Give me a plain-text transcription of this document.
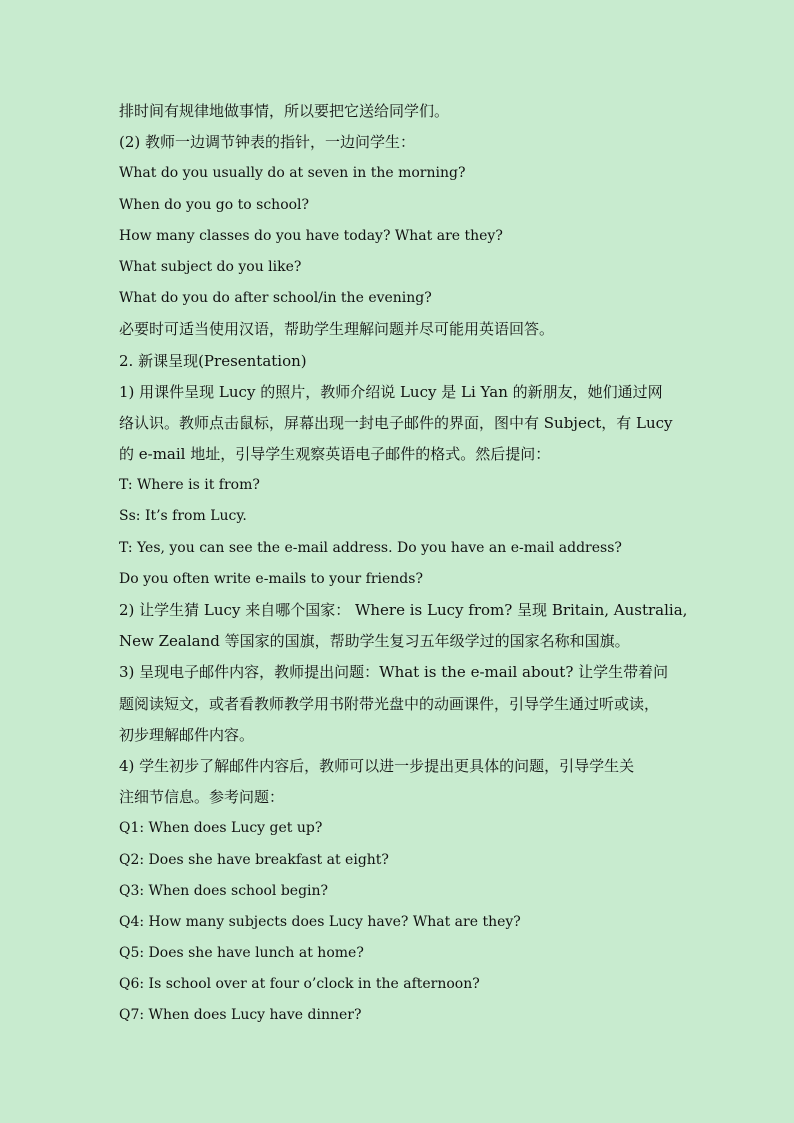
排时间有规律地做事情，所以要把它送给同学们。
(2) 教师一边调节钟表的指针，一边问学生：
What do you usually do at seven in the morning?
When do you go to school?
How many classes do you have today? What are they?
What subject do you like?
What do you do after school/in the evening?
必要时可适当使用汉语，帮助学生理解问题并尽可能用英语回答。
2. 新课呈现(Presentation)
1) 用课件呈现 Lucy 的照片，教师介绍说 Lucy 是 Li Yan 的新朋友，她们通过网
络认识。教师点击鼠标，屏幕出现一封电子邮件的界面，图中有 Subject，有 Lucy
的 e-mail 地址，引导学生观察英语电子邮件的格式。然后提问：
T: Where is it from?
Ss: It’s from Lucy.
T: Yes, you can see the e-mail address. Do you have an e-mail address?
Do you often write e-mails to your friends?
2) 让学生猜 Lucy 来自哪个国家： Where is Lucy from? 呈现 Britain, Australia,
New Zealand 等国家的国旗，帮助学生复习五年级学过的国家名称和国旗。
3) 呈现电子邮件内容，教师提出问题：What is the e-mail about? 让学生带着问
题阅读短文，或者看教师教学用书附带光盘中的动画课件，引导学生通过听或读，
初步理解邮件内容。
4) 学生初步了解邮件内容后，教师可以进一步提出更具体的问题，引导学生关
注细节信息。参考问题：
Q1: When does Lucy get up?
Q2: Does she have breakfast at eight?
Q3: When does school begin?
Q4: How many subjects does Lucy have? What are they?
Q5: Does she have lunch at home?
Q6: Is school over at four o’clock in the afternoon?
Q7: When does Lucy have dinner?
